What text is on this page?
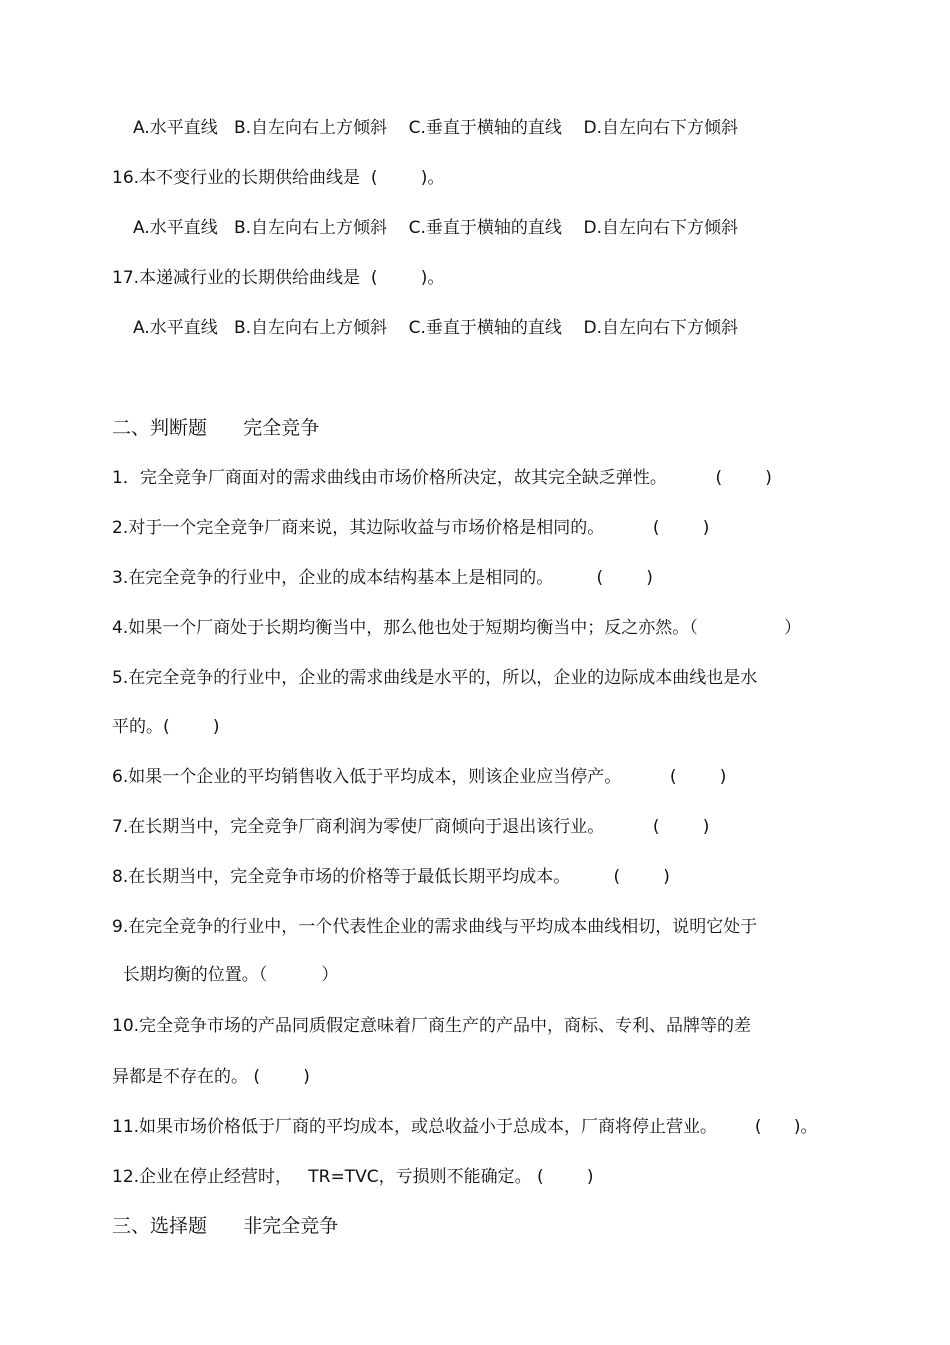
A.水平直线   B.自左向右上方倾斜    C.垂直于横轴的直线    D.自左向右下方倾斜

16.本不变行业的长期供给曲线是  (        )。

A.水平直线   B.自左向右上方倾斜    C.垂直于横轴的直线    D.自左向右下方倾斜

17.本递减行业的长期供给曲线是  (        )。

A.水平直线   B.自左向右上方倾斜    C.垂直于横轴的直线    D.自左向右下方倾斜

二、判断题      完全竞争

1．完全竞争厂商面对的需求曲线由市场价格所决定，故其完全缺乏弹性。         (        )

2.对于一个完全竞争厂商来说，其边际收益与市场价格是相同的。         (        )

3.在完全竞争的行业中，企业的成本结构基本上是相同的。        (        )

4.如果一个厂商处于长期均衡当中，那么他也处于短期均衡当中；反之亦然。（                ）

5.在完全竞争的行业中，企业的需求曲线是水平的，所以，企业的边际成本曲线也是水

平的。(        )

6.如果一个企业的平均销售收入低于平均成本，则该企业应当停产。         (        )

7.在长期当中，完全竞争厂商利润为零使厂商倾向于退出该行业。         (        )

8.在长期当中，完全竞争市场的价格等于最低长期平均成本。        (        )

9.在完全竞争的行业中，一个代表性企业的需求曲线与平均成本曲线相切，说明它处于

长期均衡的位置。（          ）

10.完全竞争市场的产品同质假定意味着厂商生产的产品中，商标、专利、品牌等的差

异都是不存在的。 (        )

11.如果市场价格低于厂商的平均成本，或总收益小于总成本，厂商将停止营业。       (      )。

12.企业在停止经营时，   TR=TVC，亏损则不能确定。 (        )

三、选择题      非完全竞争
